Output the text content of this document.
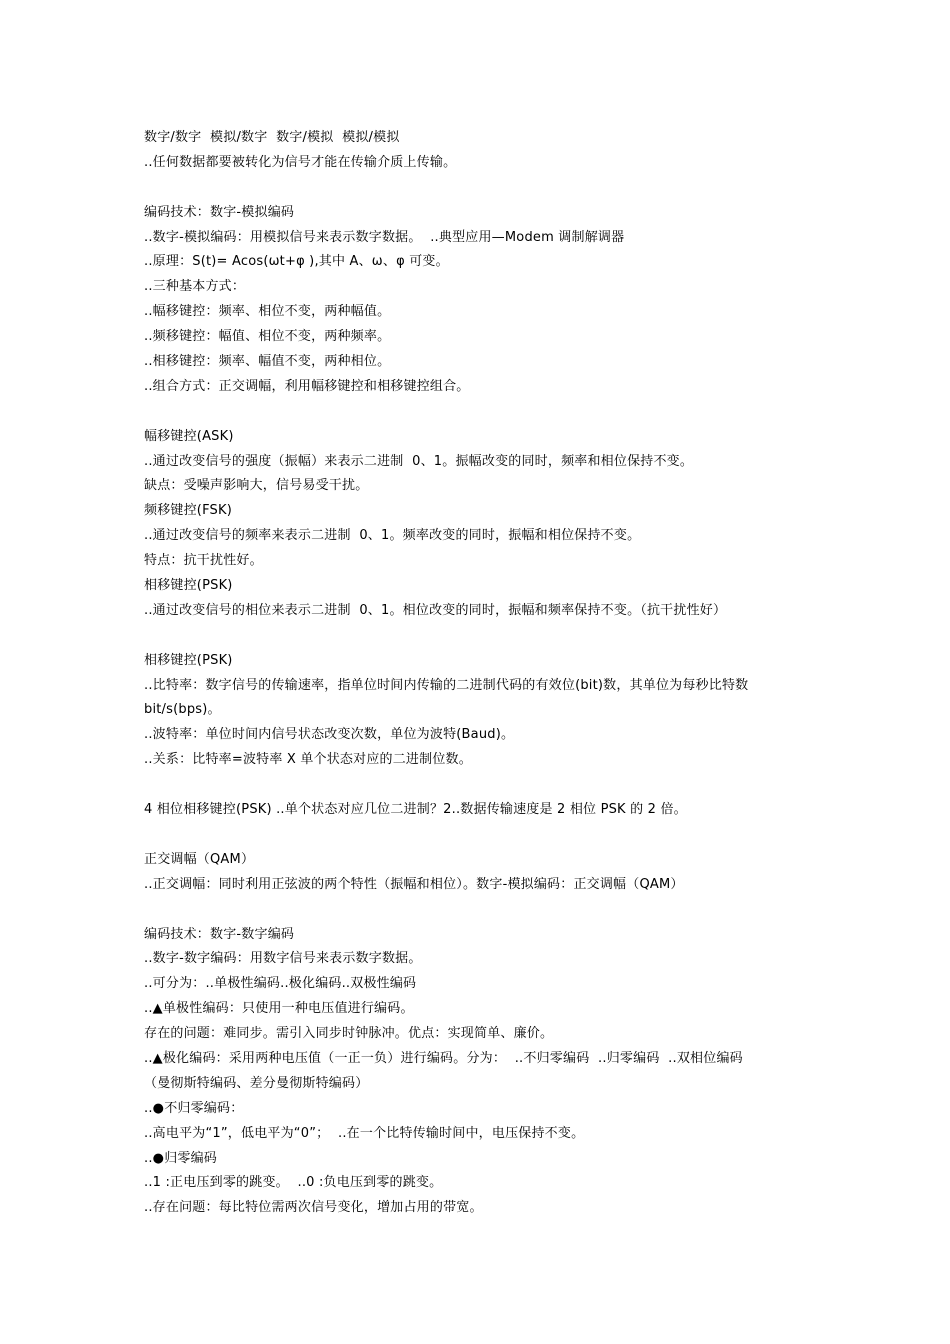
数字/数字  模拟/数字  数字/模拟  模拟/模拟
..任何数据都要被转化为信号才能在传输介质上传输。
编码技术：数字-模拟编码
..数字-模拟编码：用模拟信号来表示数字数据。  ..典型应用—Modem 调制解调器
..原理：S(t)= Acos(ωt+φ ),其中 A、ω、φ 可变。
..三种基本方式：
..幅移键控：频率、相位不变，两种幅值。
..频移键控：幅值、相位不变，两种频率。
..相移键控：频率、幅值不变，两种相位。
..组合方式：正交调幅，利用幅移键控和相移键控组合。
幅移键控(ASK)
..通过改变信号的强度（振幅）来表示二进制  0、1。振幅改变的同时，频率和相位保持不变。
缺点：受噪声影响大，信号易受干扰。
频移键控(FSK)
..通过改变信号的频率来表示二进制  0、1。频率改变的同时，振幅和相位保持不变。
特点：抗干扰性好。
相移键控(PSK)
..通过改变信号的相位来表示二进制  0、1。相位改变的同时，振幅和频率保持不变。（抗干扰性好）
相移键控(PSK)
..比特率：数字信号的传输速率，指单位时间内传输的二进制代码的有效位(bit)数，其单位为每秒比特数
bit/s(bps)。
..波特率：单位时间内信号状态改变次数，单位为波特(Baud)。
..关系：比特率=波特率 X 单个状态对应的二进制位数。
4 相位相移键控(PSK) ..单个状态对应几位二进制？2..数据传输速度是 2 相位 PSK 的 2 倍。
正交调幅（QAM）
..正交调幅：同时利用正弦波的两个特性（振幅和相位）。数字-模拟编码：正交调幅（QAM）
编码技术：数字-数字编码
..数字-数字编码：用数字信号来表示数字数据。
..可分为：..单极性编码..极化编码..双极性编码
..▲单极性编码：只使用一种电压值进行编码。
存在的问题：难同步。需引入同步时钟脉冲。优点：实现简单、廉价。
..▲极化编码：采用两种电压值（一正一负）进行编码。分为：  ..不归零编码  ..归零编码  ..双相位编码
（曼彻斯特编码、差分曼彻斯特编码）
..●不归零编码：
..高电平为“1”，低电平为“0”；  ..在一个比特传输时间中，电压保持不变。
..●归零编码
..1 :正电压到零的跳变。  ..0 :负电压到零的跳变。
..存在问题：每比特位需两次信号变化，增加占用的带宽。
